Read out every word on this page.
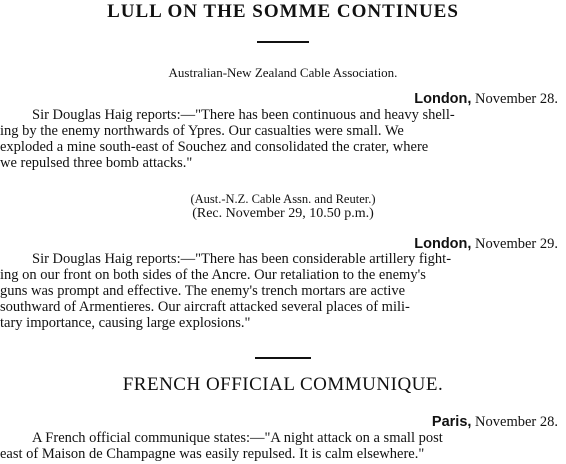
LULL ON THE SOMME CONTINUES
Australian-New Zealand Cable Association.
London, November 28.
Sir Douglas Haig reports:—"There has been continuous and heavy shell-
ing by the enemy northwards of Ypres. Our casualties were small. We
exploded a mine south-east of Souchez and consolidated the crater, where
we repulsed three bomb attacks."
(Aust.-N.Z. Cable Assn. and Reuter.)
(Rec. November 29, 10.50 p.m.)
London, November 29.
Sir Douglas Haig reports:—"There has been considerable artillery fight-
ing on our front on both sides of the Ancre. Our retaliation to the enemy's
guns was prompt and effective. The enemy's trench mortars are active
southward of Armentieres. Our aircraft attacked several places of mili-
tary importance, causing large explosions."
FRENCH OFFICIAL COMMUNIQUE.
Paris, November 28.
A French official communique states:—"A night attack on a small post
east of Maison de Champagne was easily repulsed. It is calm elsewhere."
